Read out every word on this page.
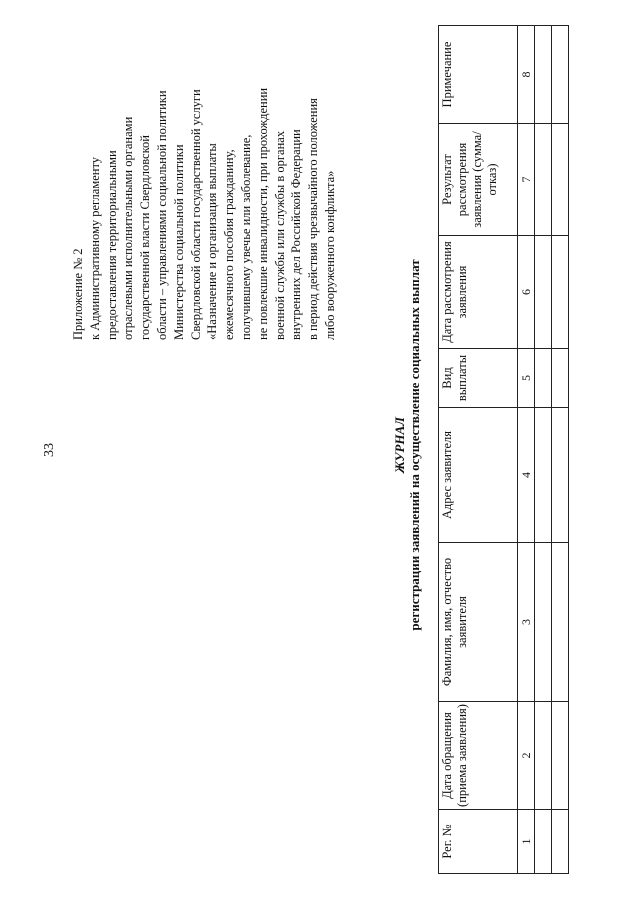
33
Приложение № 2 к Административному регламенту предоставления территориальными отраслевыми исполнительными органами государственной власти Свердловской области – управлениями социальной политики Министерства социальной политики Свердловской области государственной услуги «Назначение и организация выплаты ежемесячного пособия гражданину, получившему увечье или заболевание, не повлекшие инвалидности, при прохождении военной службы или службы в органах внутренних дел Российской Федерации в период действия чрезвычайного положения либо вооруженного конфликта»
ЖУРНАЛ регистрации заявлений на осуществление социальных выплат
Рег. №	Дата обращения (приема заявления)	Фамилия, имя, отчество заявителя	Адрес заявителя	Вид выплаты	Дата рассмотрения заявления	Результат рассмотрения заявления (сумма/отказ)	Примечание
1	2	3	4	5	6	7	8
